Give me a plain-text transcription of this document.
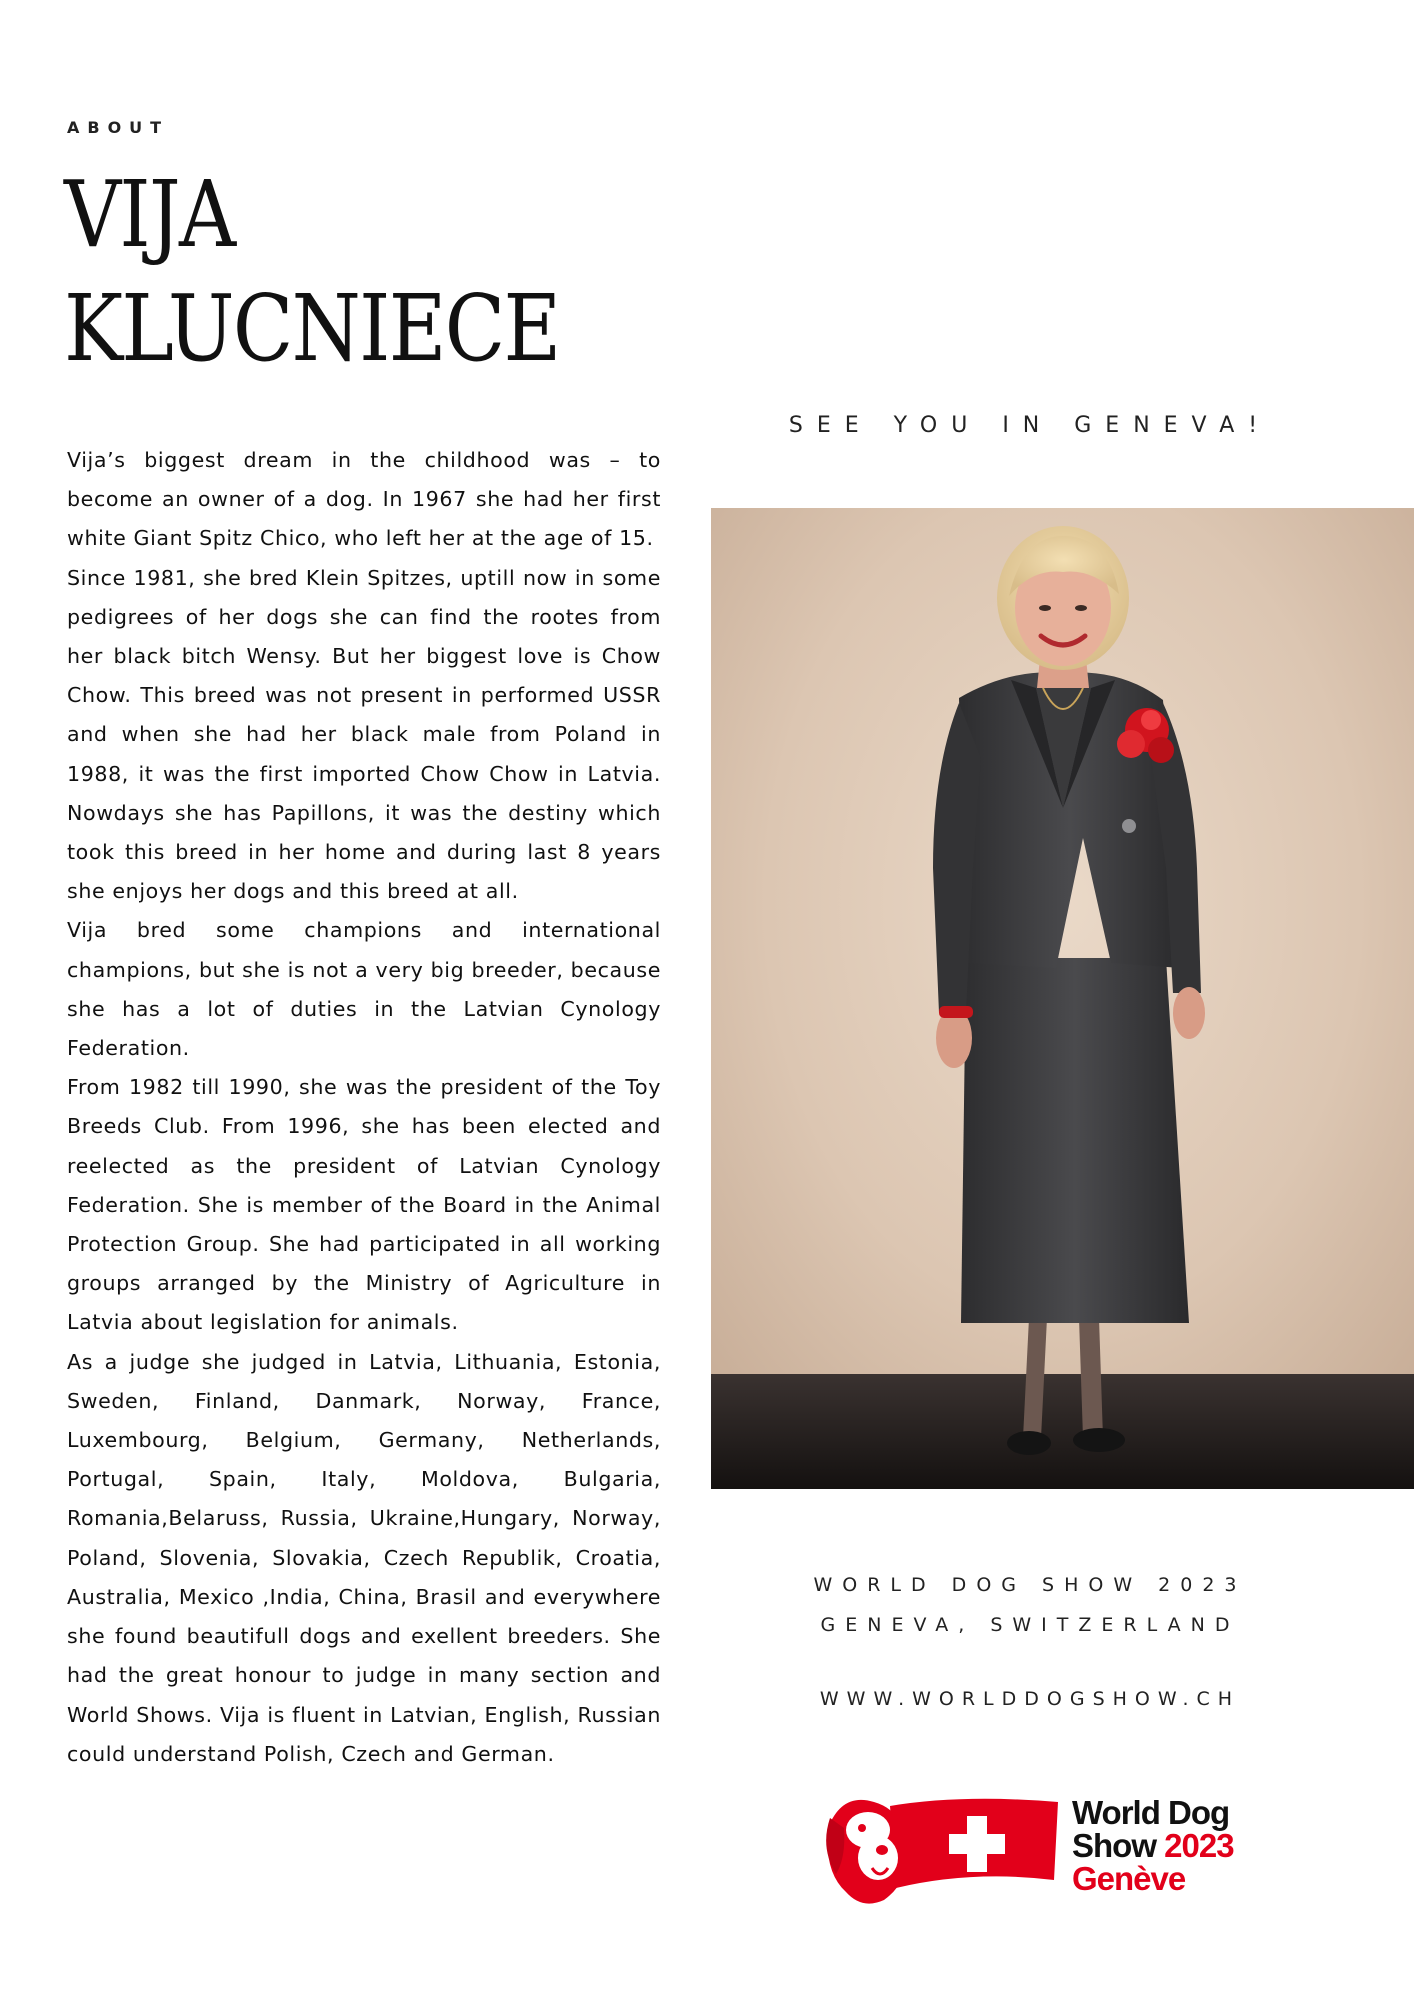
ABOUT
VIJA
KLUCNIECE

Vija’s biggest dream in the childhood was – to become an owner of a dog. In 1967 she had her first white Giant Spitz Chico, who left her at the age of 15.

Since 1981, she bred Klein Spitzes, uptill now in some pedigrees of her dogs she can find the rootes from her black bitch Wensy. But her biggest love is Chow Chow. This breed was not present in performed USSR and when she had her black male from Poland in 1988, it was the first imported Chow Chow in Latvia. Nowdays she has Papillons, it was the destiny which took this breed in her home and during last 8 years she enjoys her dogs and this breed at all.

Vija bred some champions and international champions, but she is not a very big breeder, because she has a lot of duties in the Latvian Cynology Federation.

From 1982 till 1990, she was the president of the Toy Breeds Club. From 1996, she has been elected and reelected as the president of Latvian Cynology Federation. She is member of the Board in the Animal Protection Group. She had participated in all working groups arranged by the Ministry of Agriculture in Latvia about legislation for animals.

As a judge she judged in Latvia, Lithuania, Estonia, Sweden, Finland, Danmark, Norway, France, Luxembourg, Belgium, Germany, Netherlands, Portugal, Spain, Italy, Moldova, Bulgaria, Romania,Belaruss, Russia, Ukraine,Hungary, Norway, Poland, Slovenia, Slovakia, Czech Republik, Croatia, Australia, Mexico ,India, China, Brasil and everywhere she found beautifull dogs and exellent breeders. She had the great honour to judge in many section and World Shows. Vija is fluent in Latvian, English, Russian could understand Polish, Czech and German.

SEE YOU IN GENEVA!
WORLD DOG SHOW 2023
GENEVA, SWITZERLAND
WWW.WORLDDOGSHOW.CH
World Dog
Show 2023
Genève
